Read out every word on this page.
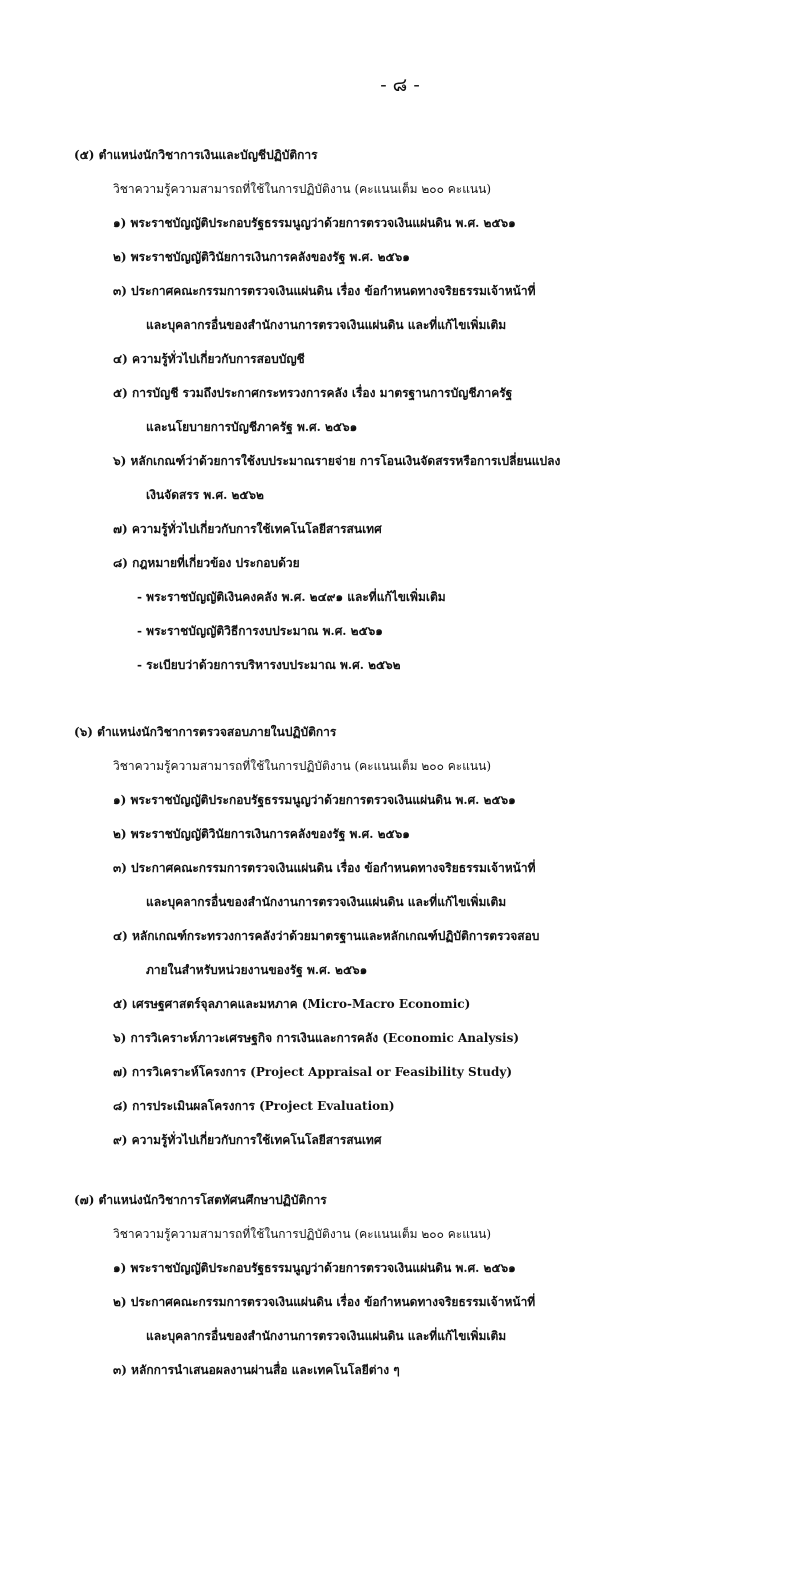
- ๘ -
(๕) ตำแหน่งนักวิชาการเงินและบัญชีปฏิบัติการ
วิชาความรู้ความสามารถที่ใช้ในการปฏิบัติงาน (คะแนนเต็ม ๒๐๐ คะแนน)
๑) พระราชบัญญัติประกอบรัฐธรรมนูญว่าด้วยการตรวจเงินแผ่นดิน พ.ศ. ๒๕๖๑
๒) พระราชบัญญัติวินัยการเงินการคลังของรัฐ พ.ศ. ๒๕๖๑
๓) ประกาศคณะกรรมการตรวจเงินแผ่นดิน เรื่อง ข้อกำหนดทางจริยธรรมเจ้าหน้าที่
และบุคลากรอื่นของสำนักงานการตรวจเงินแผ่นดิน และที่แก้ไขเพิ่มเติม
๔) ความรู้ทั่วไปเกี่ยวกับการสอบบัญชี
๕) การบัญชี รวมถึงประกาศกระทรวงการคลัง เรื่อง มาตรฐานการบัญชีภาครัฐ
และนโยบายการบัญชีภาครัฐ พ.ศ. ๒๕๖๑
๖) หลักเกณฑ์ว่าด้วยการใช้งบประมาณรายจ่าย การโอนเงินจัดสรรหรือการเปลี่ยนแปลง
เงินจัดสรร พ.ศ. ๒๕๖๒
๗) ความรู้ทั่วไปเกี่ยวกับการใช้เทคโนโลยีสารสนเทศ
๘) กฎหมายที่เกี่ยวข้อง ประกอบด้วย
- พระราชบัญญัติเงินคงคลัง พ.ศ. ๒๔๙๑ และที่แก้ไขเพิ่มเติม
- พระราชบัญญัติวิธีการงบประมาณ พ.ศ. ๒๕๖๑
- ระเบียบว่าด้วยการบริหารงบประมาณ พ.ศ. ๒๕๖๒
(๖) ตำแหน่งนักวิชาการตรวจสอบภายในปฏิบัติการ
วิชาความรู้ความสามารถที่ใช้ในการปฏิบัติงาน (คะแนนเต็ม ๒๐๐ คะแนน)
๑) พระราชบัญญัติประกอบรัฐธรรมนูญว่าด้วยการตรวจเงินแผ่นดิน พ.ศ. ๒๕๖๑
๒) พระราชบัญญัติวินัยการเงินการคลังของรัฐ พ.ศ. ๒๕๖๑
๓) ประกาศคณะกรรมการตรวจเงินแผ่นดิน เรื่อง ข้อกำหนดทางจริยธรรมเจ้าหน้าที่
และบุคลากรอื่นของสำนักงานการตรวจเงินแผ่นดิน และที่แก้ไขเพิ่มเติม
๔) หลักเกณฑ์กระทรวงการคลังว่าด้วยมาตรฐานและหลักเกณฑ์ปฏิบัติการตรวจสอบ
ภายในสำหรับหน่วยงานของรัฐ พ.ศ. ๒๕๖๑
๕) เศรษฐศาสตร์จุลภาคและมหภาค (Micro-Macro Economic)
๖) การวิเคราะห์ภาวะเศรษฐกิจ การเงินและการคลัง (Economic Analysis)
๗) การวิเคราะห์โครงการ (Project Appraisal or Feasibility Study)
๘) การประเมินผลโครงการ (Project Evaluation)
๙) ความรู้ทั่วไปเกี่ยวกับการใช้เทคโนโลยีสารสนเทศ
(๗) ตำแหน่งนักวิชาการโสตทัศนศึกษาปฏิบัติการ
วิชาความรู้ความสามารถที่ใช้ในการปฏิบัติงาน (คะแนนเต็ม ๒๐๐ คะแนน)
๑) พระราชบัญญัติประกอบรัฐธรรมนูญว่าด้วยการตรวจเงินแผ่นดิน พ.ศ. ๒๕๖๑
๒) ประกาศคณะกรรมการตรวจเงินแผ่นดิน เรื่อง ข้อกำหนดทางจริยธรรมเจ้าหน้าที่
และบุคลากรอื่นของสำนักงานการตรวจเงินแผ่นดิน และที่แก้ไขเพิ่มเติม
๓) หลักการนำเสนอผลงานผ่านสื่อ และเทคโนโลยีต่าง ๆ
